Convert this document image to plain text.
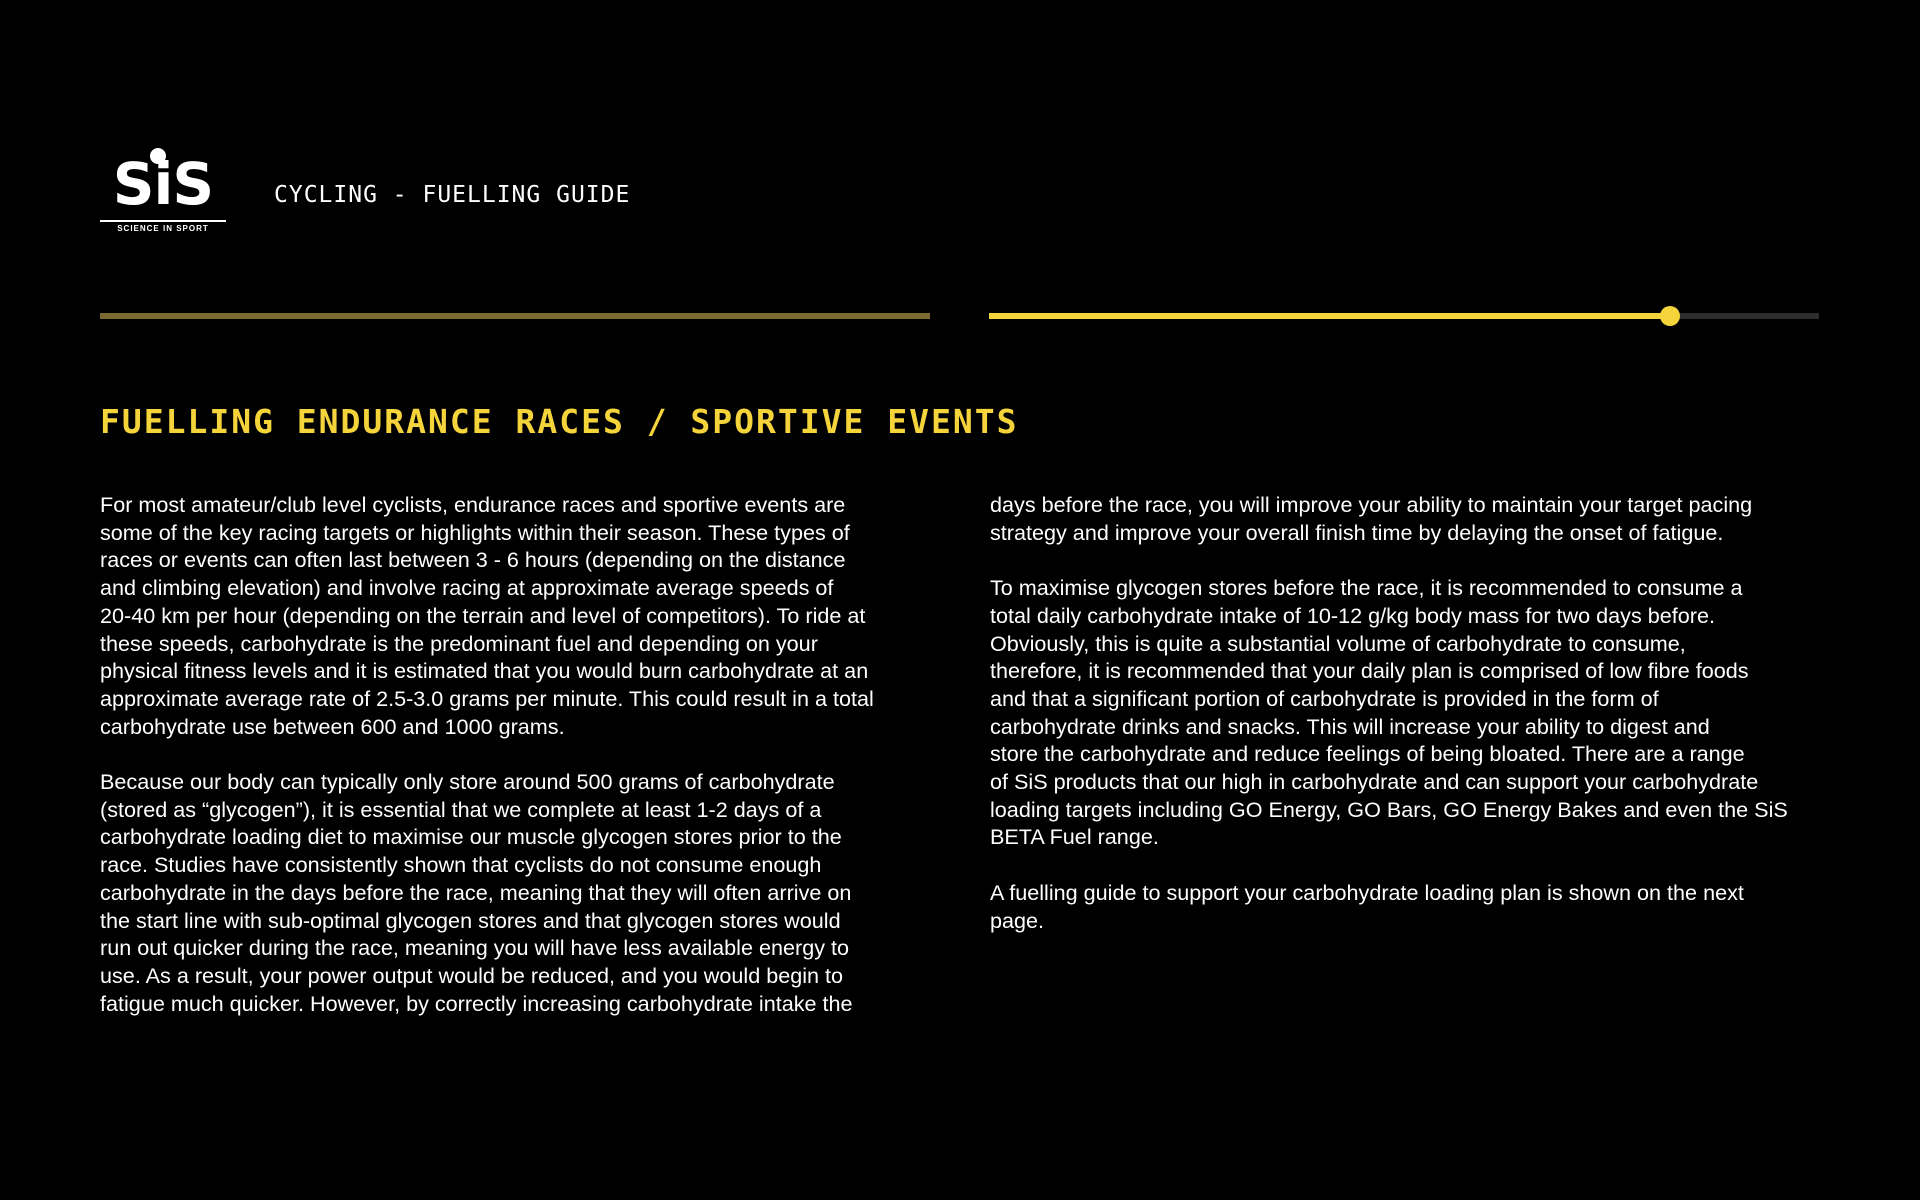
SiS
SCIENCE IN SPORT
CYCLING - FUELLING GUIDE
FUELLING ENDURANCE RACES / SPORTIVE EVENTS

For most amateur/club level cyclists, endurance races and sportive events are
some of the key racing targets or highlights within their season. These types of
races or events can often last between 3 - 6 hours (depending on the distance
and climbing elevation) and involve racing at approximate average speeds of
20-40 km per hour (depending on the terrain and level of competitors). To ride at
these speeds, carbohydrate is the predominant fuel and depending on your
physical fitness levels and it is estimated that you would burn carbohydrate at an
approximate average rate of 2.5-3.0 grams per minute. This could result in a total
carbohydrate use between 600 and 1000 grams.

Because our body can typically only store around 500 grams of carbohydrate
(stored as “glycogen”), it is essential that we complete at least 1-2 days of a
carbohydrate loading diet to maximise our muscle glycogen stores prior to the
race. Studies have consistently shown that cyclists do not consume enough
carbohydrate in the days before the race, meaning that they will often arrive on
the start line with sub-optimal glycogen stores and that glycogen stores would
run out quicker during the race, meaning you will have less available energy to
use. As a result, your power output would be reduced, and you would begin to
fatigue much quicker. However, by correctly increasing carbohydrate intake the

days before the race, you will improve your ability to maintain your target pacing
strategy and improve your overall finish time by delaying the onset of fatigue.

To maximise glycogen stores before the race, it is recommended to consume a
total daily carbohydrate intake of 10-12 g/kg body mass for two days before.
Obviously, this is quite a substantial volume of carbohydrate to consume,
therefore, it is recommended that your daily plan is comprised of low fibre foods
and that a significant portion of carbohydrate is provided in the form of
carbohydrate drinks and snacks. This will increase your ability to digest and
store the carbohydrate and reduce feelings of being bloated. There are a range
of SiS products that our high in carbohydrate and can support your carbohydrate
loading targets including GO Energy, GO Bars, GO Energy Bakes and even the SiS
BETA Fuel range.

A fuelling guide to support your carbohydrate loading plan is shown on the next
page.
